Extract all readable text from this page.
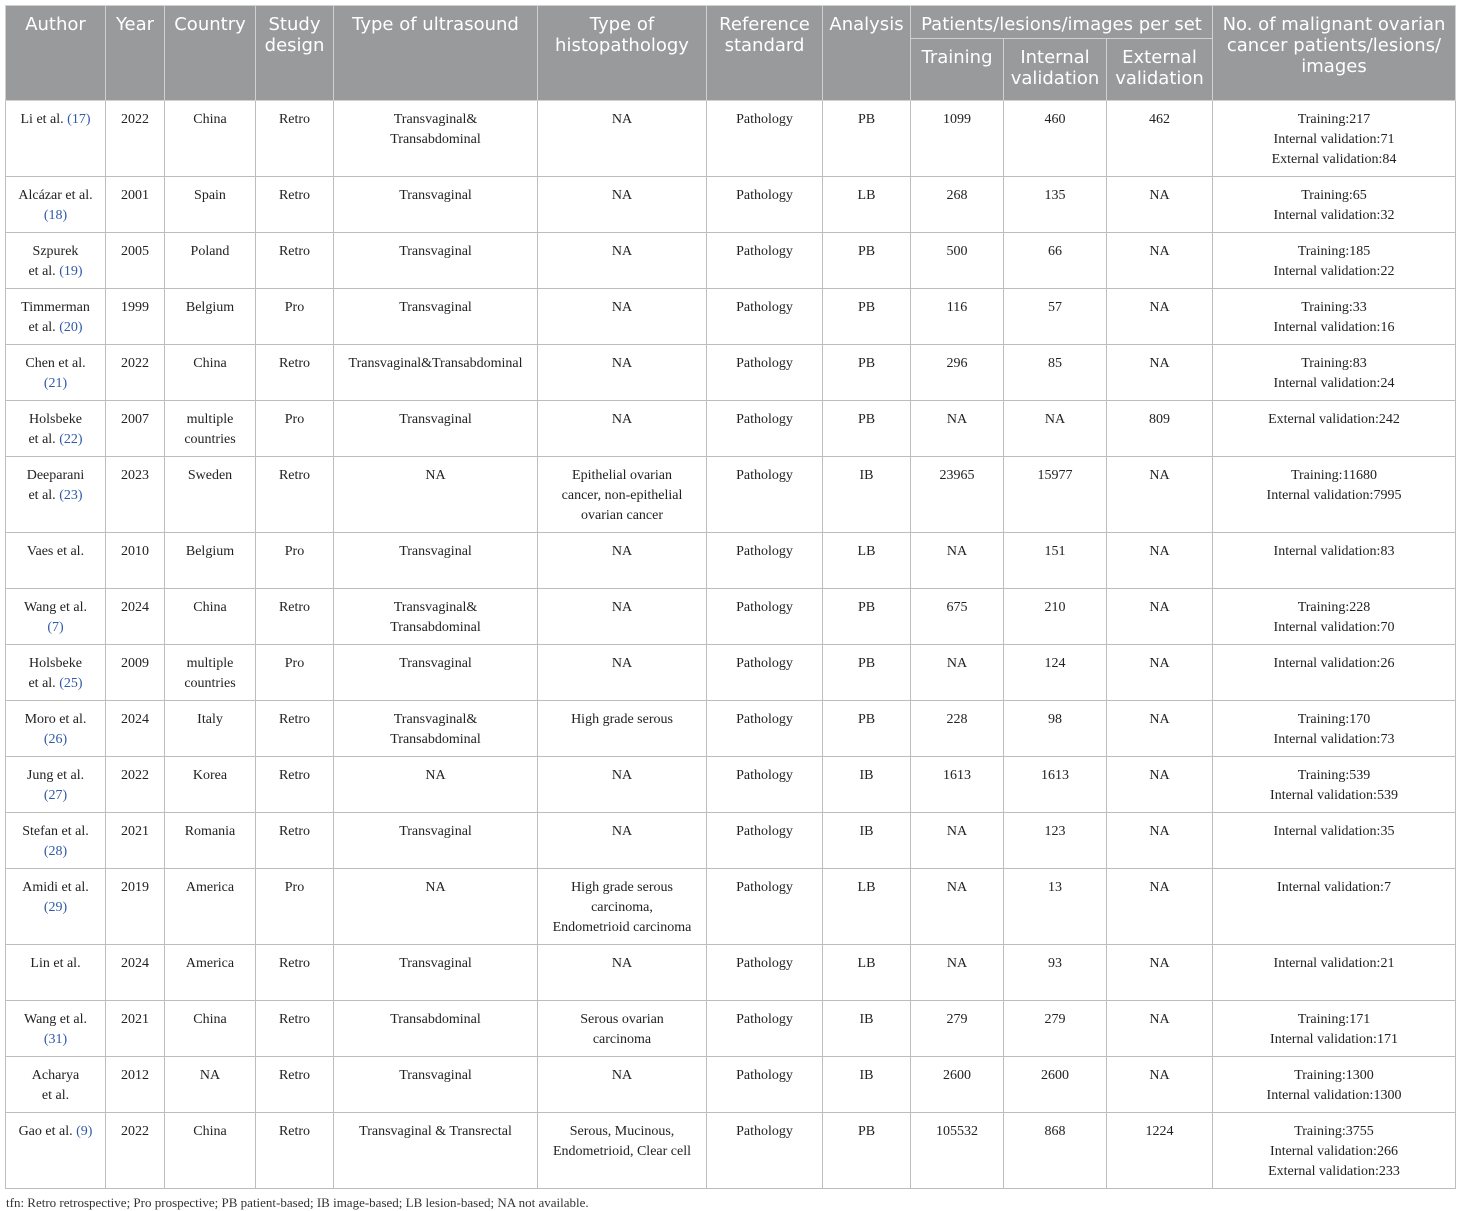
Author	Year	Country	Study design	Type of ultrasound	Type of histopathology	Reference standard	Analysis	Patients/lesions/images per set			No. of malignant ovarian cancer patients/lesions/ images
								Training	Internal validation	External validation	

Li et al. (17)	2022	China	Retro	Transvaginal&
Transabdominal	NA	Pathology	PB	1099	460	462	Training:217
Internal validation:71
External validation:84

Alcázar et al.
(18)	2001	Spain	Retro	Transvaginal	NA	Pathology	LB	268	135	NA	Training:65
Internal validation:32

Szpurek
et al. (19)	2005	Poland	Retro	Transvaginal	NA	Pathology	PB	500	66	NA	Training:185
Internal validation:22

Timmerman
et al. (20)	1999	Belgium	Pro	Transvaginal	NA	Pathology	PB	116	57	NA	Training:33
Internal validation:16

Chen et al.
(21)	2022	China	Retro	Transvaginal&Transabdominal	NA	Pathology	PB	296	85	NA	Training:83
Internal validation:24

Holsbeke
et al. (22)	2007	multiple
countries	Pro	Transvaginal	NA	Pathology	PB	NA	NA	809	External validation:242

Deeparani
et al. (23)	2023	Sweden	Retro	NA	Epithelial ovarian
cancer, non-epithelial
ovarian cancer	Pathology	IB	23965	15977	NA	Training:11680
Internal validation:7995

Vaes et al.	2010	Belgium	Pro	Transvaginal	NA	Pathology	LB	NA	151	NA	Internal validation:83

Wang et al.
(7)	2024	China	Retro	Transvaginal&
Transabdominal	NA	Pathology	PB	675	210	NA	Training:228
Internal validation:70

Holsbeke
et al. (25)	2009	multiple
countries	Pro	Transvaginal	NA	Pathology	PB	NA	124	NA	Internal validation:26

Moro et al.
(26)	2024	Italy	Retro	Transvaginal&
Transabdominal	High grade serous	Pathology	PB	228	98	NA	Training:170
Internal validation:73

Jung et al.
(27)	2022	Korea	Retro	NA	NA	Pathology	IB	1613	1613	NA	Training:539
Internal validation:539

Stefan et al.
(28)	2021	Romania	Retro	Transvaginal	NA	Pathology	IB	NA	123	NA	Internal validation:35

Amidi et al.
(29)	2019	America	Pro	NA	High grade serous
carcinoma,
Endometrioid carcinoma	Pathology	LB	NA	13	NA	Internal validation:7

Lin et al.	2024	America	Retro	Transvaginal	NA	Pathology	LB	NA	93	NA	Internal validation:21

Wang et al.
(31)	2021	China	Retro	Transabdominal	Serous ovarian
carcinoma	Pathology	IB	279	279	NA	Training:171
Internal validation:171

Acharya
et al.	2012	NA	Retro	Transvaginal	NA	Pathology	IB	2600	2600	NA	Training:1300
Internal validation:1300

Gao et al. (9)	2022	China	Retro	Transvaginal & Transrectal	Serous, Mucinous,
Endometrioid, Clear cell	Pathology	PB	105532	868	1224	Training:3755
Internal validation:266
External validation:233
tfn: Retro retrospective; Pro prospective; PB patient-based; IB image-based; LB lesion-based; NA not available.
